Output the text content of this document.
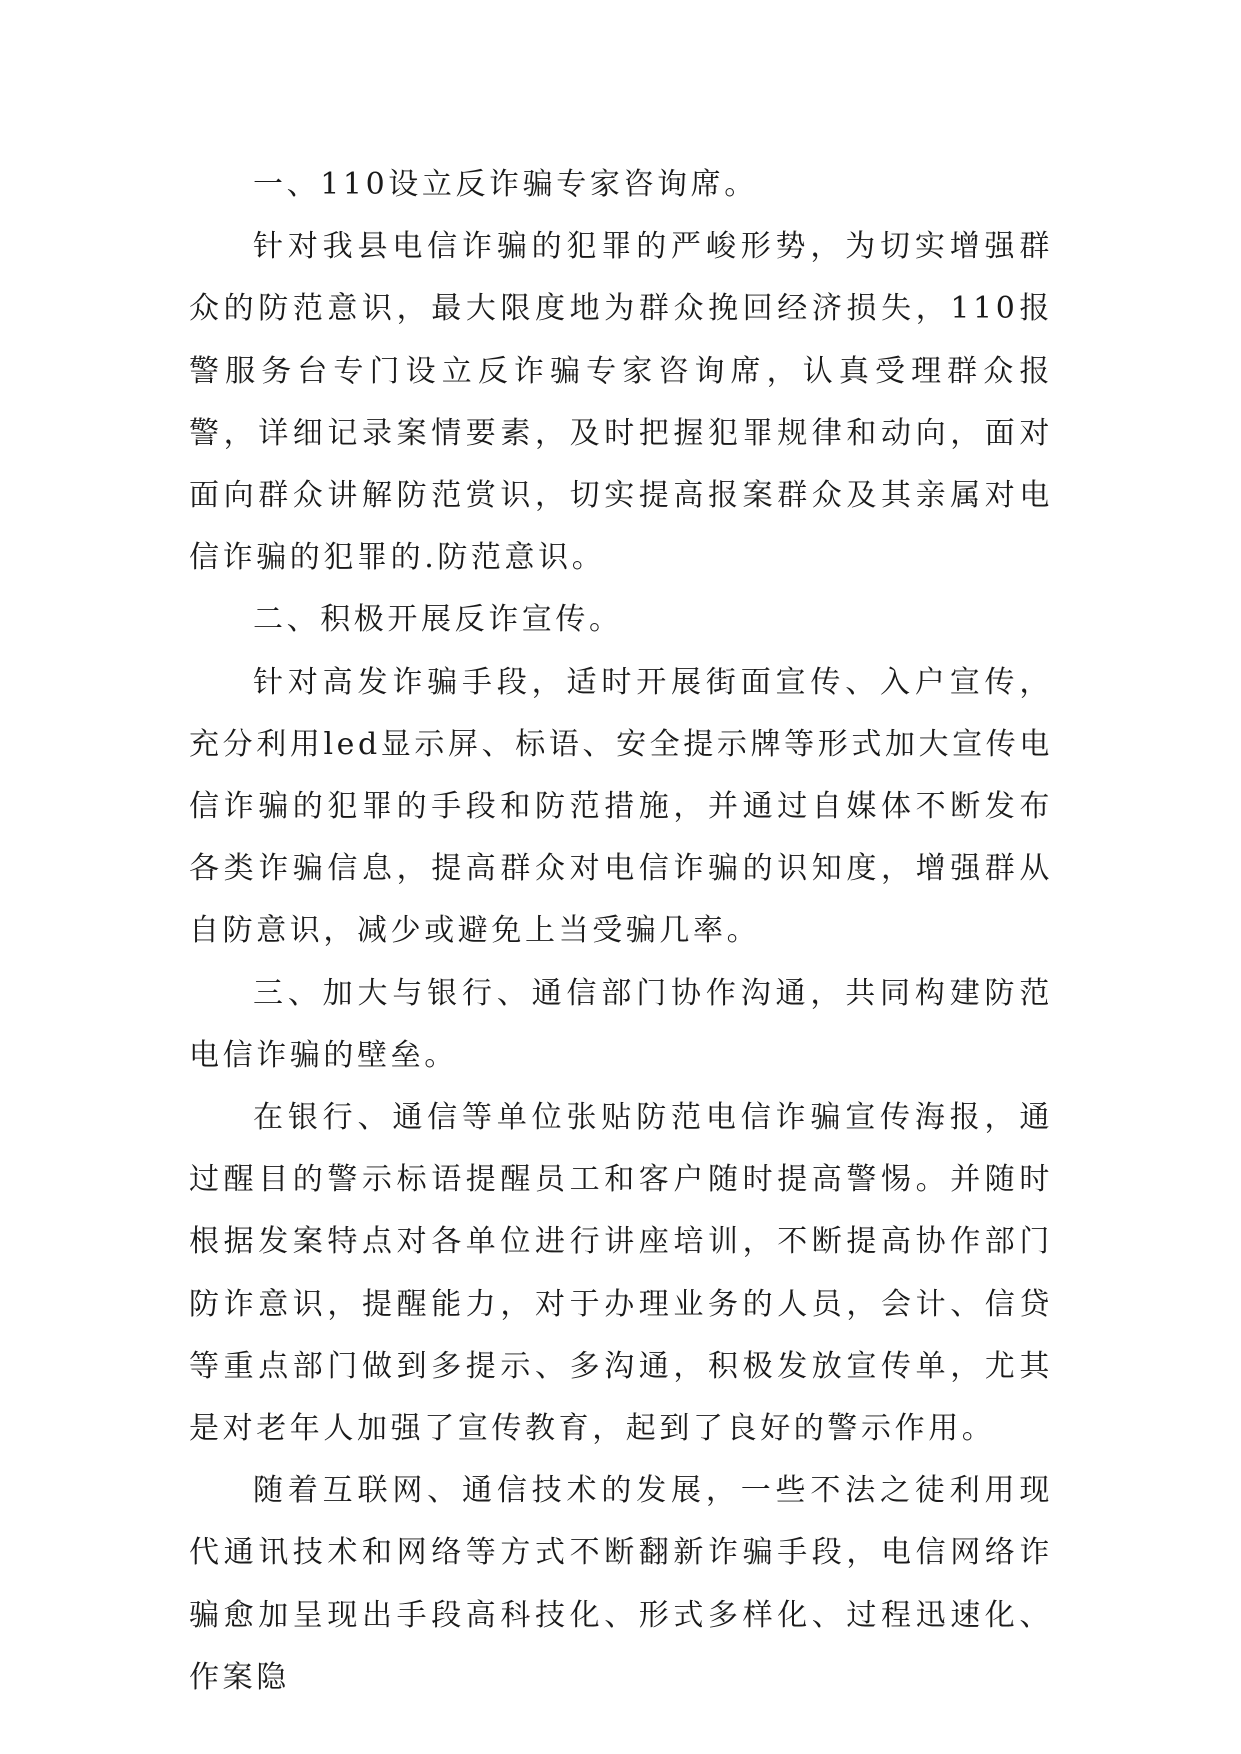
一、110设立反诈骗专家咨询席。

针对我县电信诈骗的犯罪的严峻形势，为切实增强群众的防范意识，最大限度地为群众挽回经济损失，110报警服务台专门设立反诈骗专家咨询席，认真受理群众报警，详细记录案情要素，及时把握犯罪规律和动向，面对面向群众讲解防范赏识，切实提高报案群众及其亲属对电信诈骗的犯罪的.防范意识。

二、积极开展反诈宣传。

针对高发诈骗手段，适时开展街面宣传、入户宣传，充分利用led显示屏、标语、安全提示牌等形式加大宣传电信诈骗的犯罪的手段和防范措施，并通过自媒体不断发布各类诈骗信息，提高群众对电信诈骗的识知度，增强群从自防意识，减少或避免上当受骗几率。

三、加大与银行、通信部门协作沟通，共同构建防范电信诈骗的壁垒。

在银行、通信等单位张贴防范电信诈骗宣传海报，通过醒目的警示标语提醒员工和客户随时提高警惕。并随时根据发案特点对各单位进行讲座培训，不断提高协作部门防诈意识，提醒能力，对于办理业务的人员，会计、信贷等重点部门做到多提示、多沟通，积极发放宣传单，尤其是对老年人加强了宣传教育，起到了良好的警示作用。

随着互联网、通信技术的发展，一些不法之徒利用现代通讯技术和网络等方式不断翻新诈骗手段，电信网络诈骗愈加呈现出手段高科技化、形式多样化、过程迅速化、作案隐
